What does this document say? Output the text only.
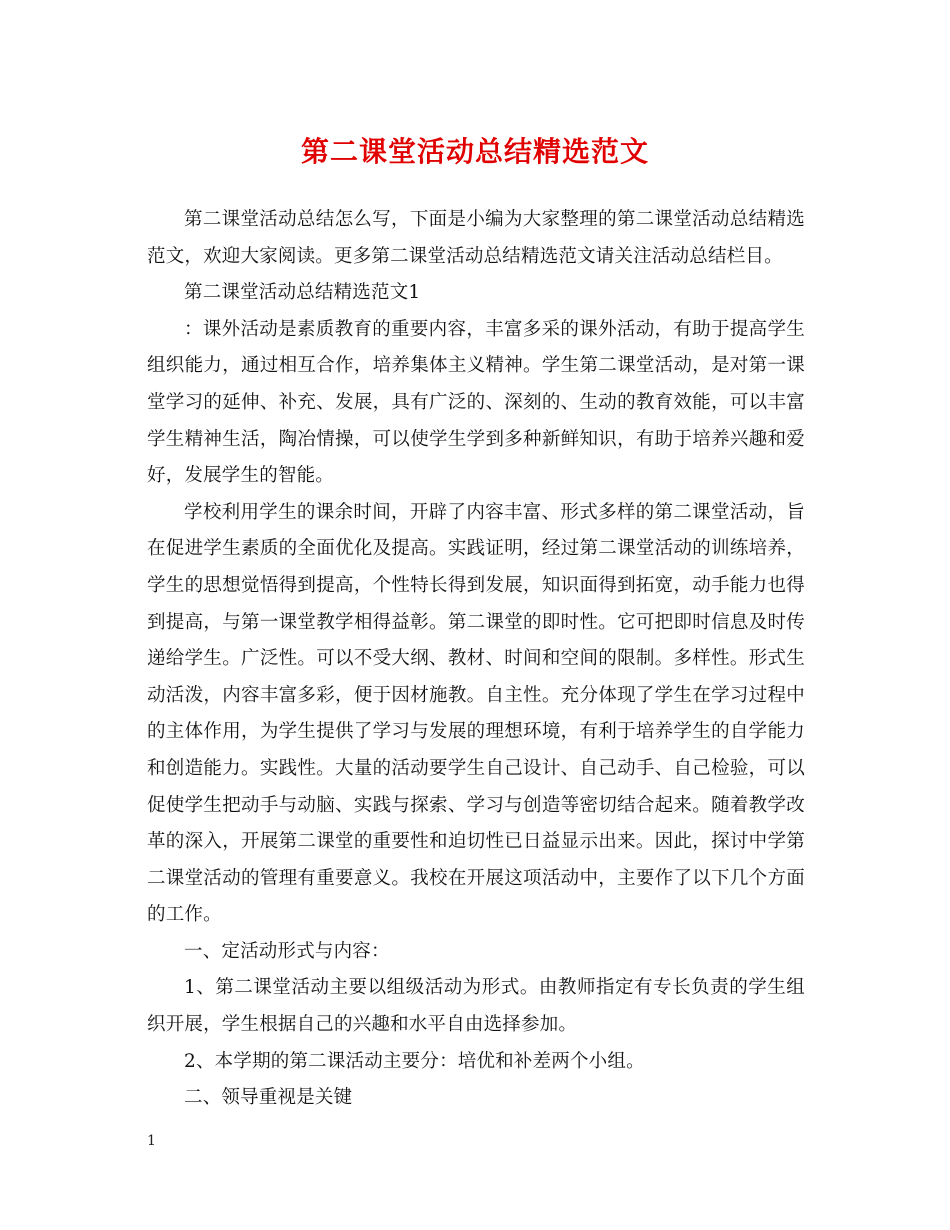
第二课堂活动总结精选范文

第二课堂活动总结怎么写，下面是小编为大家整理的第二课堂活动总结精选范文，欢迎大家阅读。更多第二课堂活动总结精选范文请关注活动总结栏目。

第二课堂活动总结精选范文1

：课外活动是素质教育的重要内容，丰富多采的课外活动，有助于提高学生组织能力，通过相互合作，培养集体主义精神。学生第二课堂活动，是对第一课堂学习的延伸、补充、发展，具有广泛的、深刻的、生动的教育效能，可以丰富学生精神生活，陶冶情操，可以使学生学到多种新鲜知识，有助于培养兴趣和爱好，发展学生的智能。

学校利用学生的课余时间，开辟了内容丰富、形式多样的第二课堂活动，旨在促进学生素质的全面优化及提高。实践证明，经过第二课堂活动的训练培养，学生的思想觉悟得到提高，个性特长得到发展，知识面得到拓宽，动手能力也得到提高，与第一课堂教学相得益彰。第二课堂的即时性。它可把即时信息及时传递给学生。广泛性。可以不受大纲、教材、时间和空间的限制。多样性。形式生动活泼，内容丰富多彩，便于因材施教。自主性。充分体现了学生在学习过程中的主体作用，为学生提供了学习与发展的理想环境，有利于培养学生的自学能力和创造能力。实践性。大量的活动要学生自己设计、自己动手、自己检验，可以促使学生把动手与动脑、实践与探索、学习与创造等密切结合起来。随着教学改革的深入，开展第二课堂的重要性和迫切性已日益显示出来。因此，探讨中学第二课堂活动的管理有重要意义。我校在开展这项活动中，主要作了以下几个方面的工作。

一、定活动形式与内容：

1、第二课堂活动主要以组级活动为形式。由教师指定有专长负责的学生组织开展，学生根据自己的兴趣和水平自由选择参加。

2、本学期的第二课活动主要分：培优和补差两个小组。

二、领导重视是关键

1
